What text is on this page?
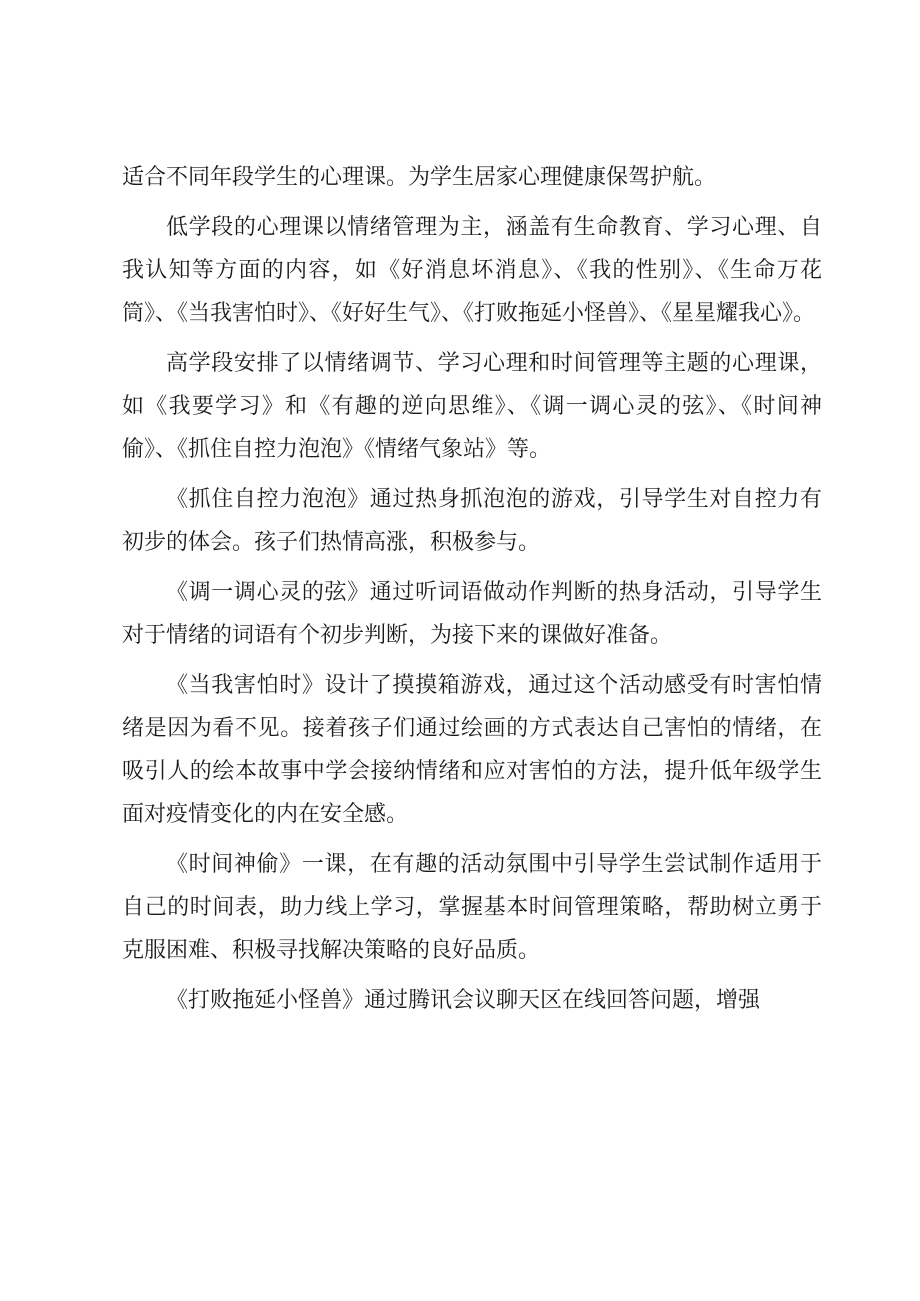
适合不同年段学生的心理课。为学生居家心理健康保驾护航。

低学段的心理课以情绪管理为主，涵盖有生命教育、学习心理、自我认知等方面的内容，如《好消息坏消息》、《我的性别》、《生命万花筒》、《当我害怕时》、《好好生气》、《打败拖延小怪兽》、《星星耀我心》。

高学段安排了以情绪调节、学习心理和时间管理等主题的心理课，如《我要学习》和《有趣的逆向思维》、《调一调心灵的弦》、《时间神偷》、《抓住自控力泡泡》《情绪气象站》等。

《抓住自控力泡泡》通过热身抓泡泡的游戏，引导学生对自控力有初步的体会。孩子们热情高涨，积极参与。

《调一调心灵的弦》通过听词语做动作判断的热身活动，引导学生对于情绪的词语有个初步判断，为接下来的课做好准备。

《当我害怕时》设计了摸摸箱游戏，通过这个活动感受有时害怕情绪是因为看不见。接着孩子们通过绘画的方式表达自己害怕的情绪，在吸引人的绘本故事中学会接纳情绪和应对害怕的方法，提升低年级学生面对疫情变化的内在安全感。

《时间神偷》一课，在有趣的活动氛围中引导学生尝试制作适用于自己的时间表，助力线上学习，掌握基本时间管理策略，帮助树立勇于克服困难、积极寻找解决策略的良好品质。

《打败拖延小怪兽》通过腾讯会议聊天区在线回答问题，增强
